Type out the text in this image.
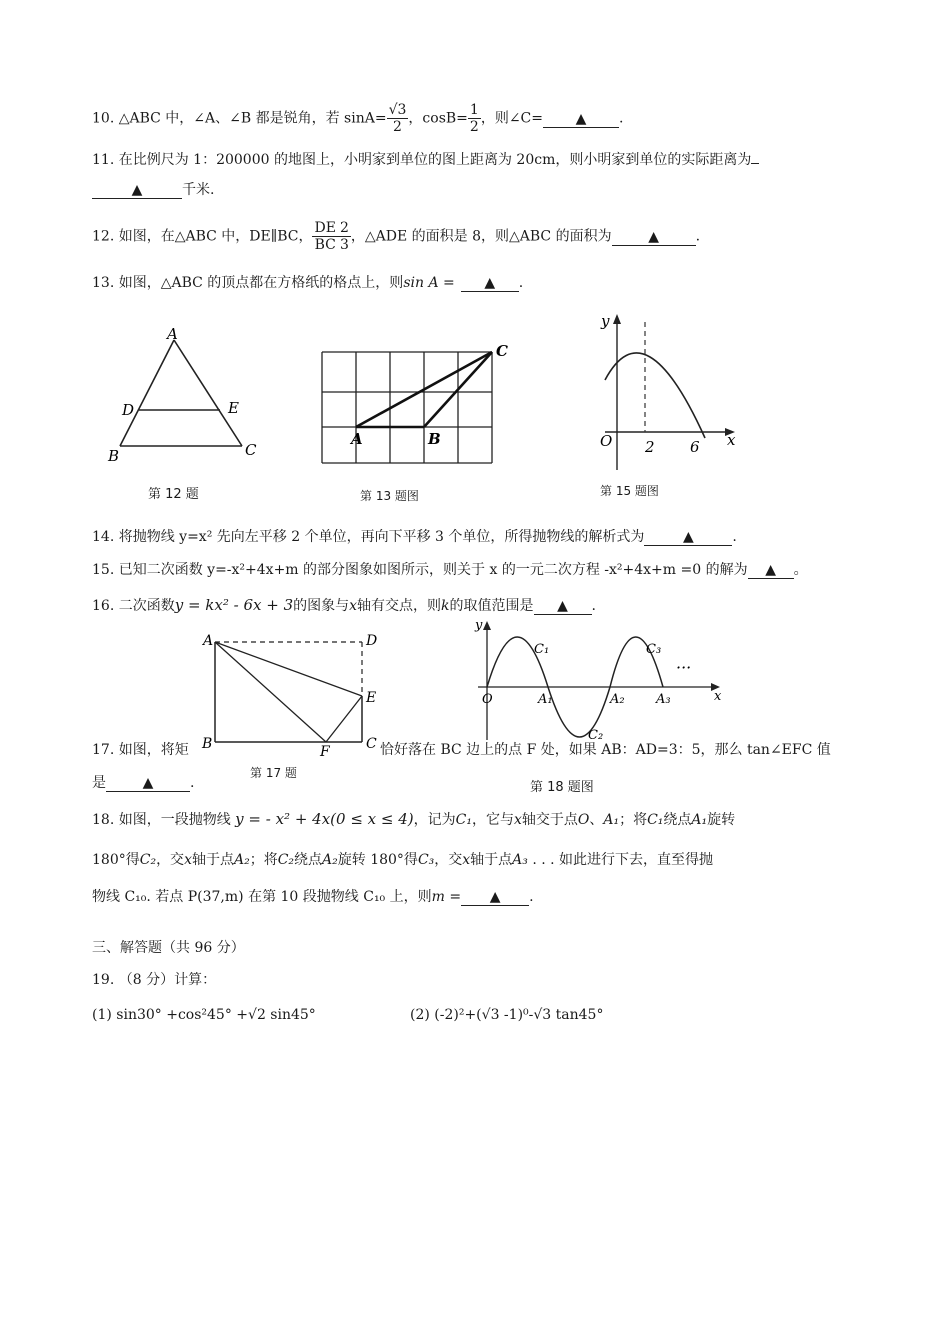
10. △ABC 中，∠A、∠B 都是锐角，若 $\sin A= \frac{√3}{2}$ ，$\cos B= \frac{1}{2}$ ，则∠C= ▲ .
11. 在比例尺为 1：200000 的地图上，小明家到单位的图上距离为 20cm，则小明家到单位的实际距离为
▲	千米.
12. 如图，在△ABC 中，DE∥BC， $\frac{DE}{BC} \frac{2}{3}$ ，△ADE 的面积是 8，则△ABC 的面积为	▲	.
13. 如图，△ABC 的顶点都在方格纸的格点上，则sin A = ▲ .
A
D	E
B	C
第 12 题
A	B
C
第 13 题图
y
x
O 2 6
第 15 题图
14. 将抛物线 y=x² 先向左平移 2 个单位，再向下平移 3 个单位，所得抛物线的解析式为	▲	.
15. 已知二次函数 y=-x²+4x+m 的部分图象如图所示，则关于 x 的一元二次方程 -x²+4x+m =0 的解为 ▲ 。
16. 二次函数y = kx² - 6x + 3的图象与x轴有交点，则k的取值范围是 ▲ .
A	D
E
B	C
F
y
x
O
C₁
C₂
C₃
A₁	A₂ A₃
···
17. 如图，将矩	恰好落在 BC 边上的点 F 处，如果 AB：AD=3：5，那么 tan∠EFC 值
第 17 题
是	▲	.	第 18 题图
18. 如图，一段抛物线 y = - x² + 4x(0 ≤ x ≤ 4)，记为C₁，它与x轴交于点O、A₁；将C₁绕点A₁旋转
180°得C₂，交x轴于点A₂；将C₂绕点A₂旋转 180°得C₃，交x轴于点A₃ . . . 如此进行下去，直至得抛
物线 C₁₀. 若点 P(37,m) 在第 10 段抛物线 C₁₀ 上，则m = ▲ .
三、解答题（共 96 分）
19. （8 分）计算：
(1) sin30° +cos²45° +√2 sin45°	(2) (-2)²+(√3 -1)⁰-√3 tan45°
